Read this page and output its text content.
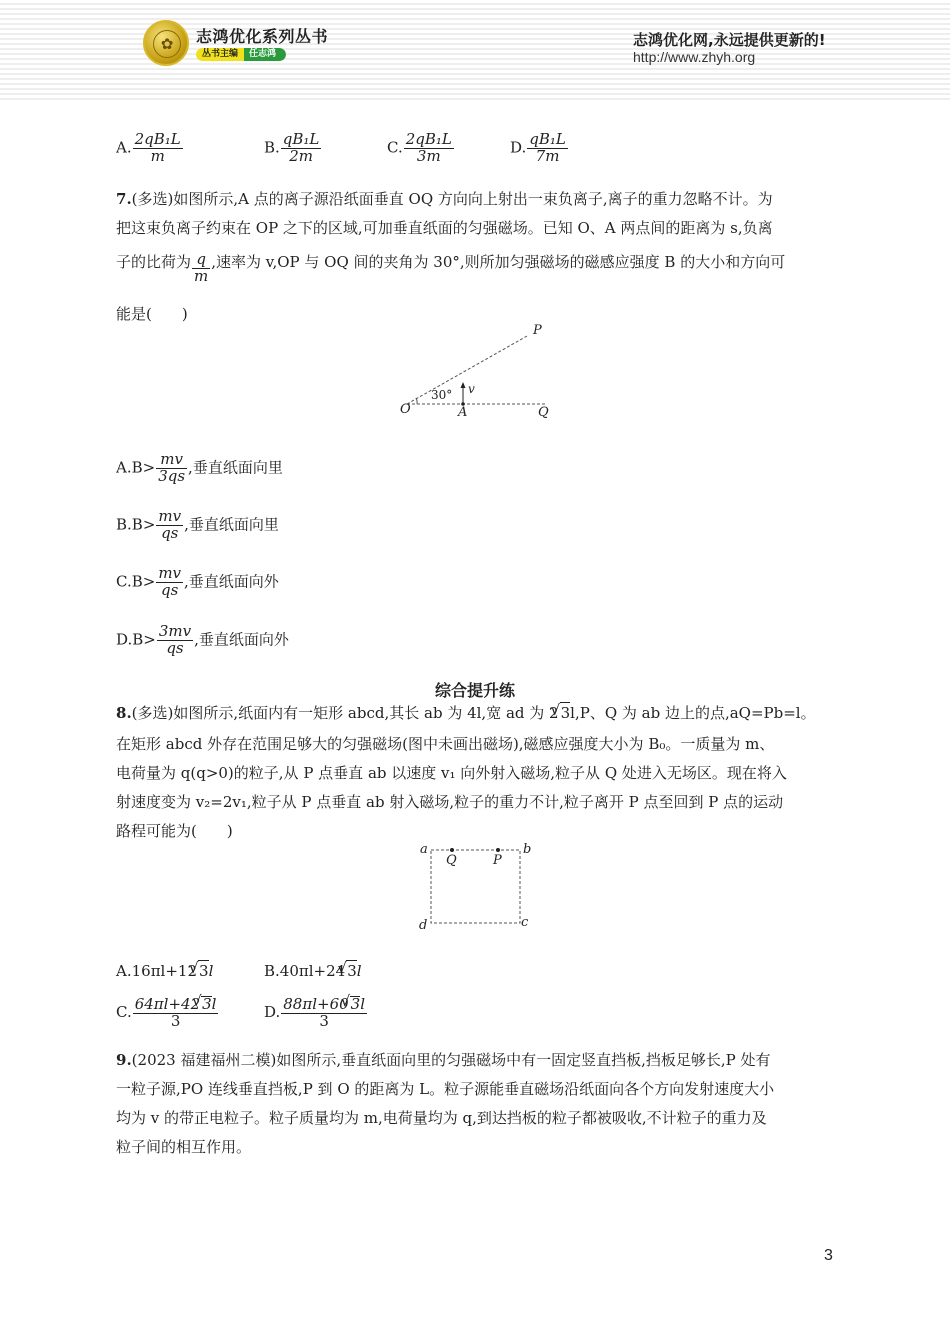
✿	志鸿优化系列丛书
丛书主编	任志鸿
志鸿优化网,永远提供更新的!
http://www.zhyh.org
A. $\frac{\text{2qB₁L}}{m}$	B. $\frac{\text{qB₁L}}{2m}$	C. $\frac{\text{2qB₁L}}{3m}$	D. $\frac{\text{qB₁L}}{7m}$
7.(多选)如图所示,A 点的离子源沿纸面垂直 OQ 方向向上射出一束负离子,离子的重力忽略不计。为
把这束负离子约束在 OP 之下的区域,可加垂直纸面的匀强磁场。已知 O、A 两点间的距离为 s,负离
子的比荷为 $\frac{q}{m}$ ,速率为 v,OP 与 OQ 间的夹角为 30°,则所加匀强磁场的磁感应强度 B 的大小和方向可
能是(　　)
P
O	A	Q
v
30°
$A.B> \frac{mv}{3qs}$ ,垂直纸面向里
$B.B> \frac{mv}{qs}$ ,垂直纸面向里
$C.B> \frac{mv}{qs}$ ,垂直纸面向外
$D.B> \frac{3mv}{qs}$ ,垂直纸面向外
综合提升练
8.(多选)如图所示,纸面内有一矩形 abcd,其长 ab 为 4l,宽 ad 为 2 √ 3l,P、Q 为 ab 边上的点,aQ=Pb=l。
在矩形 abcd 外存在范围足够大的匀强磁场(图中未画出磁场),磁感应强度大小为 B₀。一质量为 m、
电荷量为 q(q>0)的粒子,从 P 点垂直 ab 以速度 v₁ 向外射入磁场,粒子从 Q 处进入无场区。现在将入
射速度变为 v₂=2v₁,粒子从 P 点垂直 ab 射入磁场,粒子的重力不计,粒子离开 P 点至回到 P 点的运动
路程可能为(　　)
a	b
c
d
Q	P
A.16πl+12 √ 3l	B.40πl+24 √ 3l
C. $\frac{64\pi l+42 √ 3l}{3}$	D. $\frac{88\pi l+60 √ 3l}{3}$
9.(2023 福建福州二模)如图所示,垂直纸面向里的匀强磁场中有一固定竖直挡板,挡板足够长,P 处有
一粒子源,PO 连线垂直挡板,P 到 O 的距离为 L。粒子源能垂直磁场沿纸面向各个方向发射速度大小
均为 v 的带正电粒子。粒子质量均为 m,电荷量均为 q,到达挡板的粒子都被吸收,不计粒子的重力及
粒子间的相互作用。
3
